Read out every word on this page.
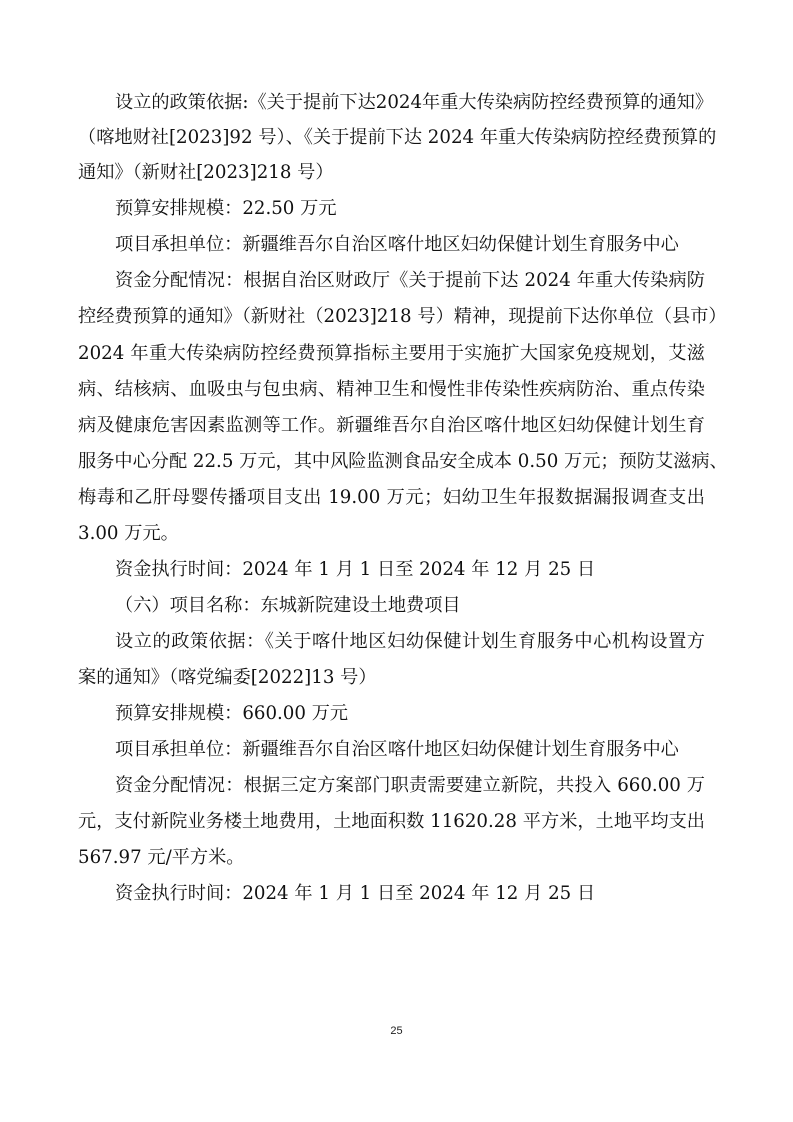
设立的政策依据:《关于提前下达2024年重大传染病防控经费预算的通知》
（喀地财社[2023]92 号）、《关于提前下达 2024 年重大传染病防控经费预算的
通知》（新财社[2023]218 号）
预算安排规模：22.50 万元
项目承担单位：新疆维吾尔自治区喀什地区妇幼保健计划生育服务中心
资金分配情况：根据自治区财政厅《关于提前下达 2024 年重大传染病防
控经费预算的通知》（新财社（2023]218 号）精神，现提前下达你单位（县市）
2024 年重大传染病防控经费预算指标主要用于实施扩大国家免疫规划，艾滋
病、结核病、血吸虫与包虫病、精神卫生和慢性非传染性疾病防治、重点传染
病及健康危害因素监测等工作。新疆维吾尔自治区喀什地区妇幼保健计划生育
服务中心分配 22.5 万元，其中风险监测食品安全成本 0.50 万元；预防艾滋病、
梅毒和乙肝母婴传播项目支出 19.00 万元；妇幼卫生年报数据漏报调查支出
3.00 万元。
资金执行时间：2024 年 1 月 1 日至 2024 年 12 月 25 日
（六）项目名称：东城新院建设土地费项目
设立的政策依据：《关于喀什地区妇幼保健计划生育服务中心机构设置方
案的通知》（喀党编委[2022]13 号）
预算安排规模：660.00 万元
项目承担单位：新疆维吾尔自治区喀什地区妇幼保健计划生育服务中心
资金分配情况：根据三定方案部门职责需要建立新院，共投入 660.00 万
元，支付新院业务楼土地费用，土地面积数 11620.28 平方米，土地平均支出
567.97 元/平方米。
资金执行时间：2024 年 1 月 1 日至 2024 年 12 月 25 日
25
